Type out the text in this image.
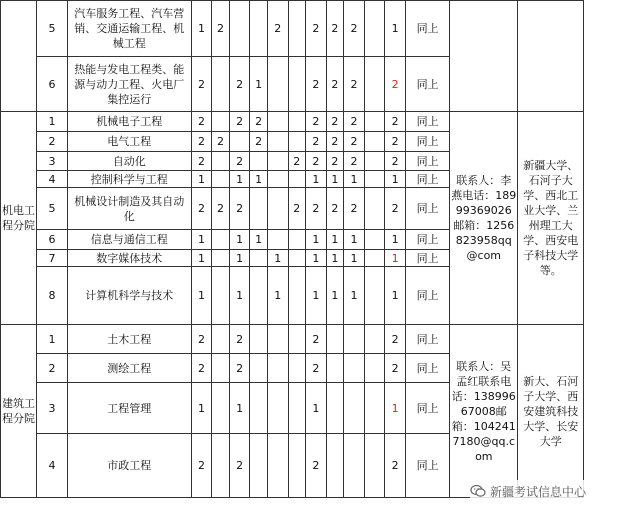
	5	汽车服务工程、汽车营销、交通运输工程、机械工程	1	2			2		2	2	2		1	同上		
	6	热能与发电工程类、能源与动力工程、火电厂集控运行	2		2	1			2	2	2		2	同上		
机电工程分院	1	机械电子工程	2		2	2			2	2	2		2	同上	联系人：李燕电话：18999369026邮箱：1256823958qq@com	新疆大学、石河子大学、西北工业大学、兰州理工大学、西安电子科技大学等。
	2	电气工程	2	2		2			2	2	2		2	同上		
	3	自动化	2		2			2	2	2	2		2	同上		
	4	控制科学与工程	1		1	1			1	1	1		1	同上		
	5	机械设计制造及其自动化	2	2	2			2	2	2	2		2	同上		
	6	信息与通信工程	1		1	1			1	1	1		1	同上		
	7	数字媒体技术	1		1		1		1	1	1		1	同上		
	8	计算机科学与技术	1		1		1		1	1	1		1	同上		
建筑工程分院	1	土木工程	2		2				2				2	同上	联系人：吴孟红联系电话：13899667008邮箱：1042417180@qq.com	新大、石河子大学、西安建筑科技大学、长安大学
	2	测绘工程	2		2				2				2	同上		
	3	工程管理	1		1				1				1	同上		
	4	市政工程	2		2				2				2	同上		
新疆考试信息中心
